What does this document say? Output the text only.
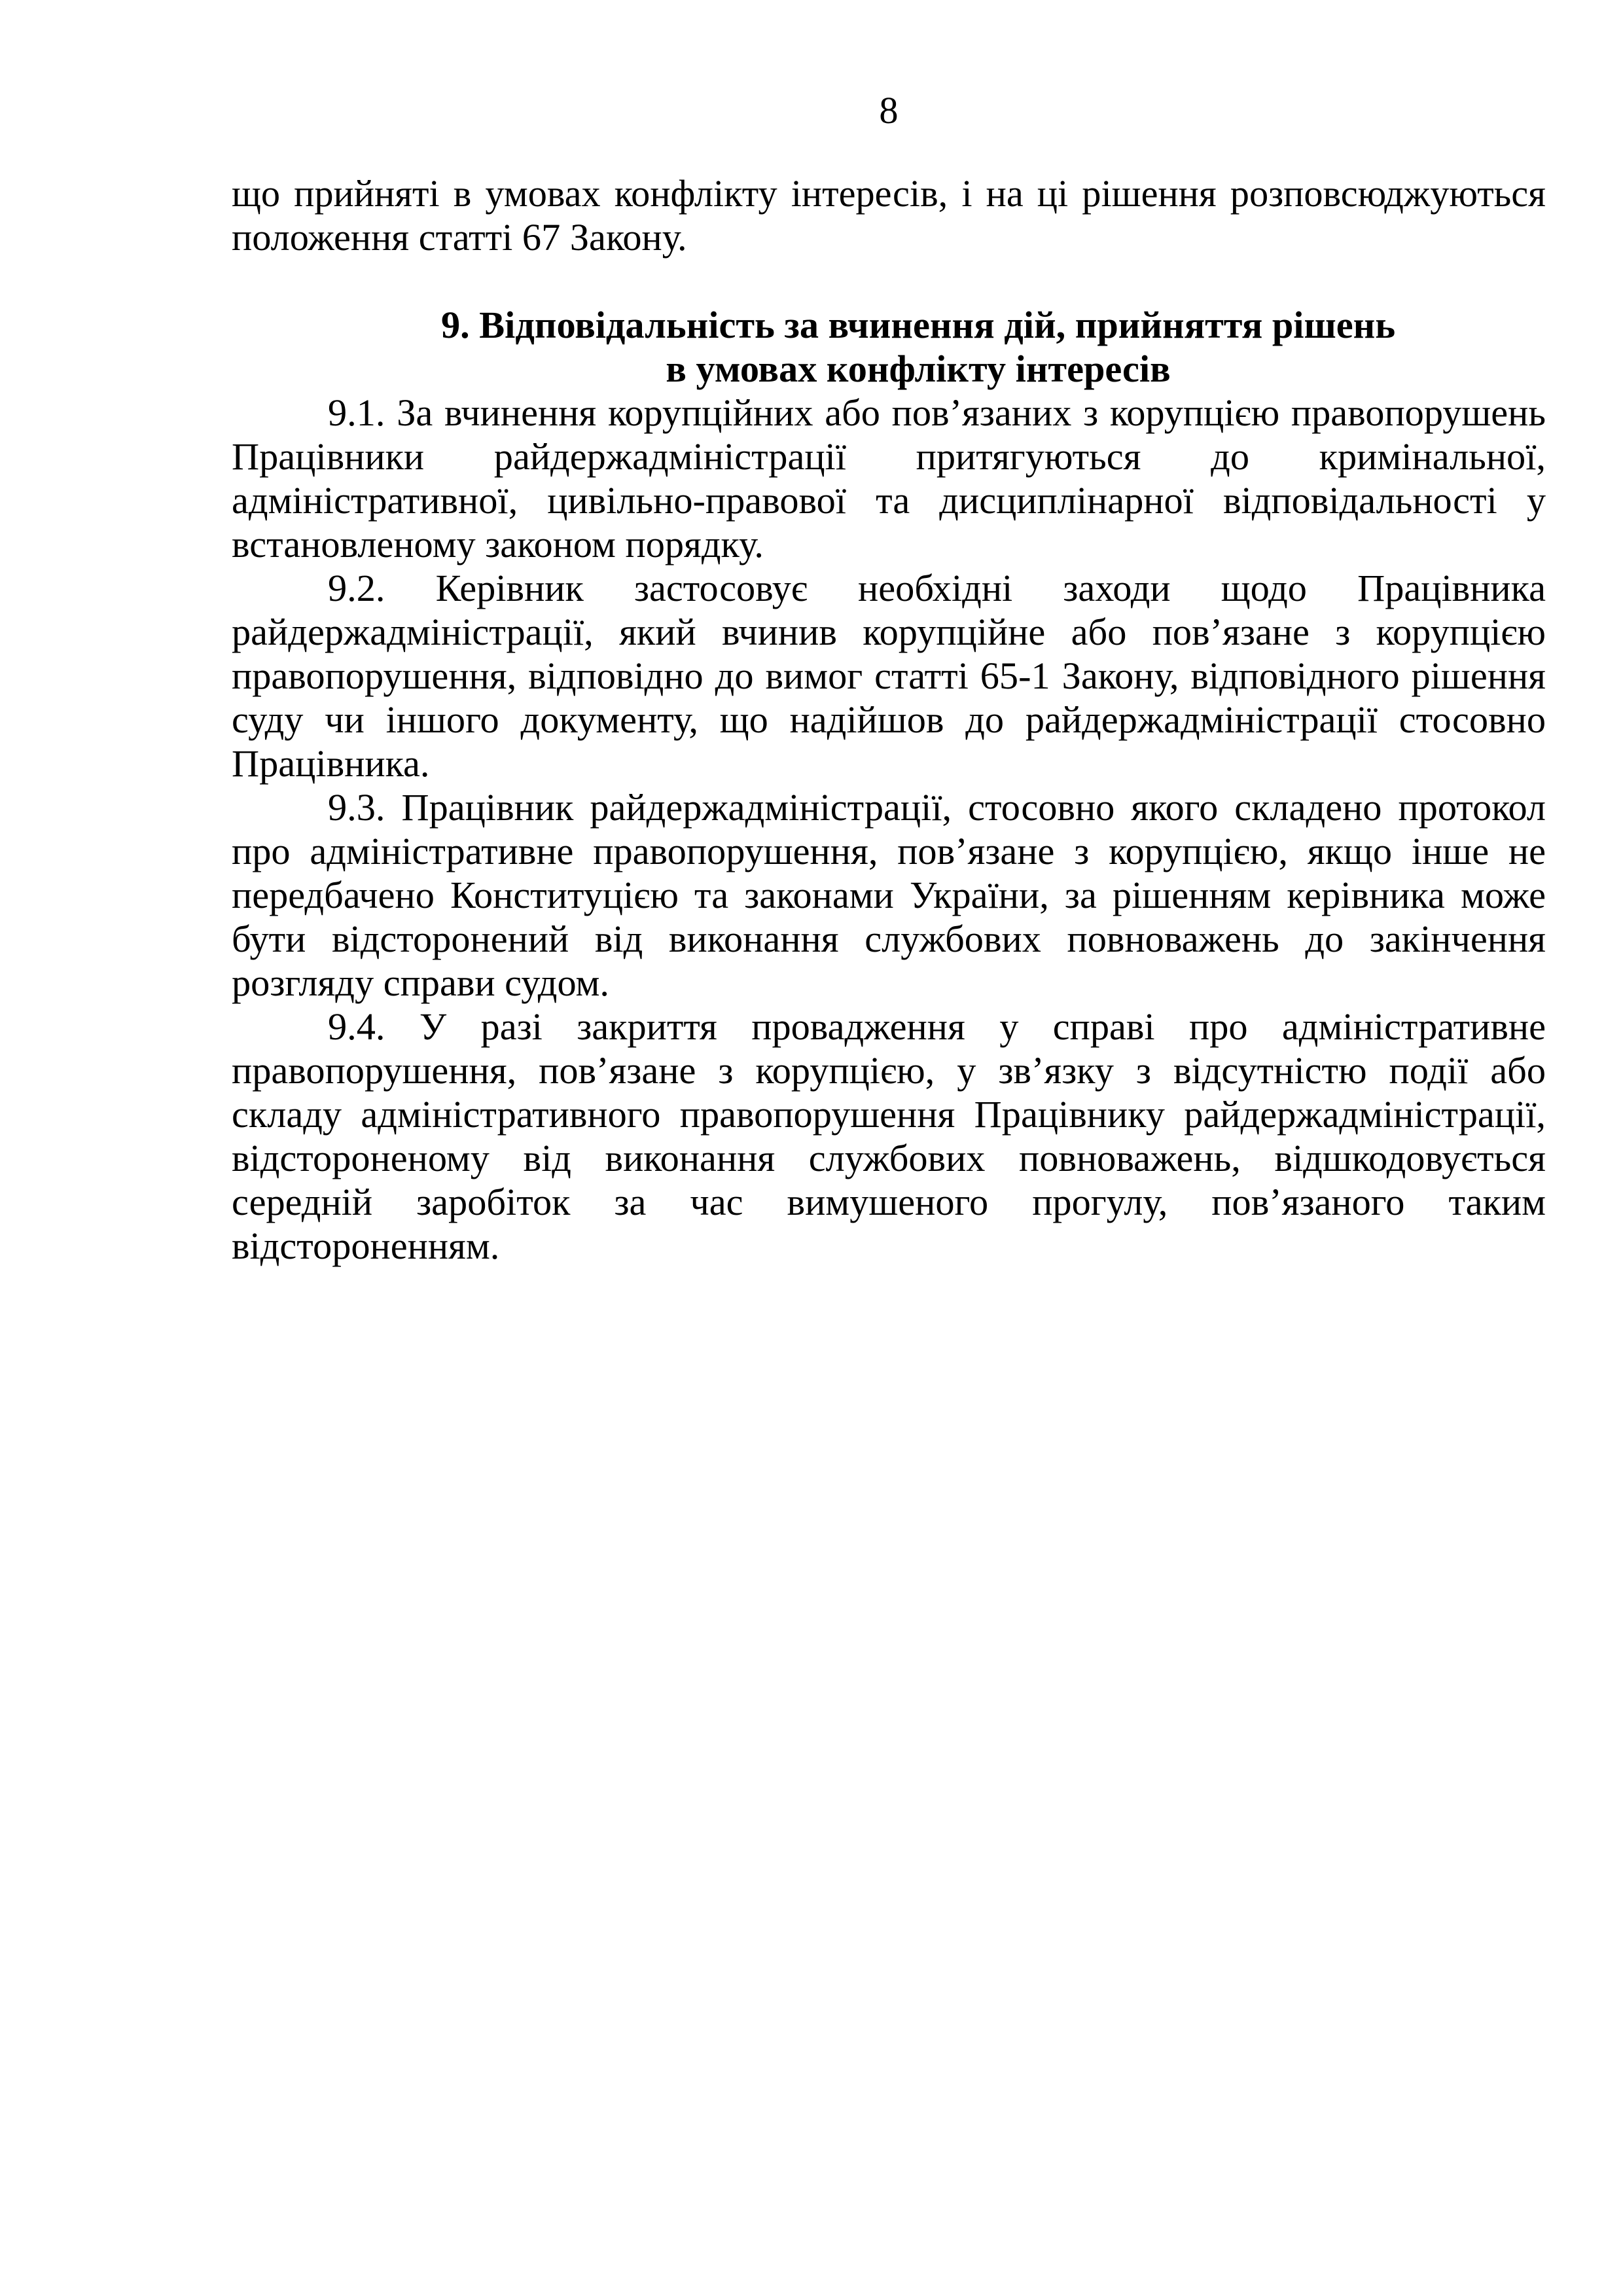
8

що прийняті в умовах конфлікту інтересів, і на ці рішення розповсюджуються положення статті 67 Закону.

9. Відповідальність за вчинення дій, прийняття рішень
в умовах конфлікту інтересів

9.1. За вчинення корупційних або пов’язаних з корупцією правопорушень Працівники райдержадміністрації притягуються до кримінальної, адміністративної, цивільно-правової та дисциплінарної відповідальності у встановленому законом порядку.

9.2. Керівник застосовує необхідні заходи щодо Працівника райдержадміністрації, який вчинив корупційне або пов’язане з корупцією правопорушення, відповідно до вимог статті 65-1 Закону, відповідного рішення суду чи іншого документу, що надійшов до райдержадміністрації стосовно Працівника.

9.3. Працівник райдержадміністрації, стосовно якого складено протокол про адміністративне правопорушення, пов’язане з корупцією, якщо інше не передбачено Конституцією та законами України, за рішенням керівника може бути відсторонений від виконання службових повноважень до закінчення розгляду справи судом.

9.4. У разі закриття провадження у справі про адміністративне правопорушення, пов’язане з корупцією, у зв’язку з відсутністю події або складу адміністративного правопорушення Працівнику райдержадміністрації, відстороненому від виконання службових повноважень, відшкодовується середній заробіток за час вимушеного прогулу, пов’язаного таким відстороненням.
